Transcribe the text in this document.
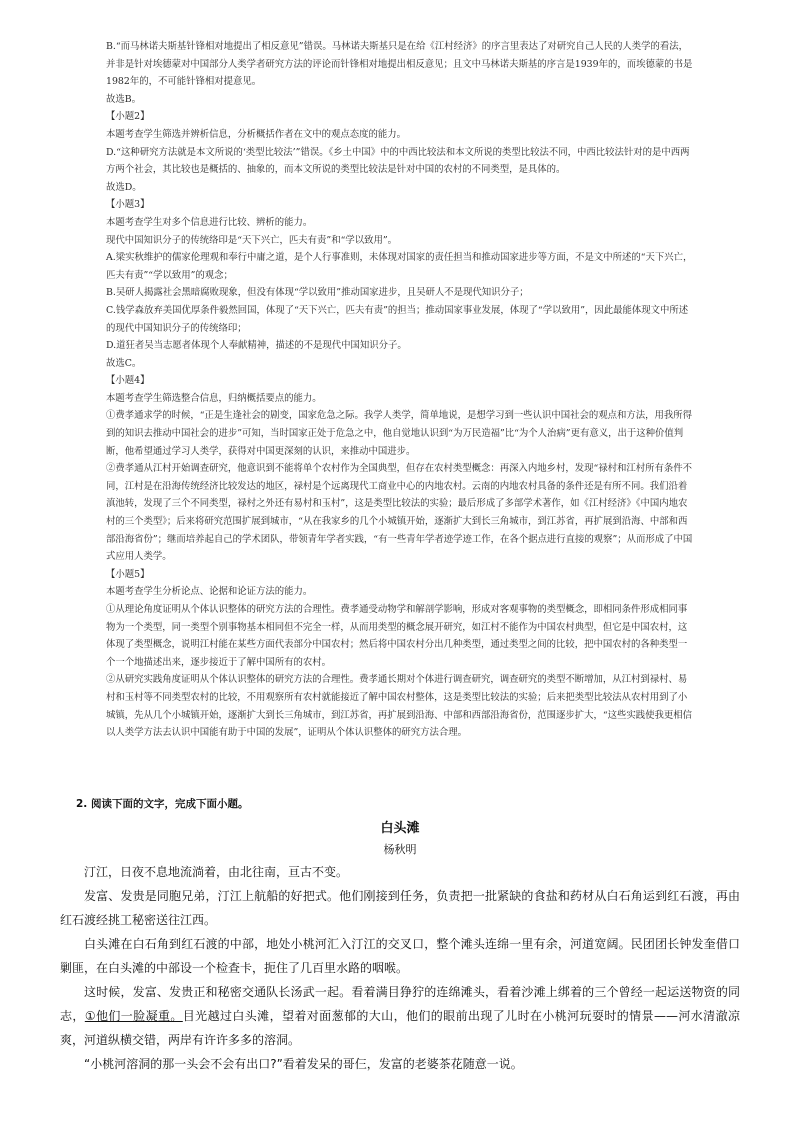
B.“而马林诺夫斯基针锋相对地提出了相反意见”错误。马林诺夫斯基只是在给《江村经济》的序言里表达了对研究自己人民的人类学的看法，并非是针对埃德蒙对中国部分人类学者研究方法的评论而针锋相对地提出相反意见；且文中马林诺夫斯基的序言是1939年的，而埃德蒙的书是1982年的，不可能针锋相对提意见。

故选B。

【小题2】

本题考查学生筛选并辨析信息，分析概括作者在文中的观点态度的能力。

D.“这种研究方法就是本文所说的‘类型比较法’”错误。《乡土中国》中的中西比较法和本文所说的类型比较法不同，中西比较法针对的是中西两方两个社会，其比较也是概括的、抽象的，而本文所说的类型比较法是针对中国的农村的不同类型，是具体的。

故选D。

【小题3】

本题考查学生对多个信息进行比较、辨析的能力。

现代中国知识分子的传统络印是“天下兴亡，匹夫有责”和“学以致用”。

A.梁实秋维护的儒家伦理观和奉行中庸之道，是个人行事准则，未体现对国家的责任担当和推动国家进步等方面，不是文中所述的“天下兴亡，匹夫有责”“学以致用”的观念；

B.吴研人揭露社会黑暗腐败现象，但没有体现“学以致用”推动国家进步，且吴研人不是现代知识分子；

C.钱学森放弃美国优厚条件毅然回国，体现了“天下兴亡，匹夫有责”的担当；推动国家事业发展，体现了“学以致用”，因此最能体现文中所述的现代中国知识分子的传统络印；

D.道狂者吴当志愿者体现个人奉献精神，描述的不是现代中国知识分子。

故选C。

【小题4】

本题考查学生筛选整合信息，归纳概括要点的能力。

①费孝通求学的时候，“正是生逢社会的剧变，国家危急之际。我学人类学，简单地说，是想学习到一些认识中国社会的观点和方法，用我所得到的知识去推动中国社会的进步”可知，当时国家正处于危急之中，他自觉地认识到“为万民造福”比“为个人治病”更有意义，出于这种价值判断，他希望通过学习人类学，获得对中国更深刻的认识，来推动中国进步。

②费孝通从江村开始调查研究，他意识到不能将单个农村作为全国典型，但存在农村类型概念：再深入内地乡村，发现“禄村和江村所有条件不同，江村是在沿海传统经济比较发达的地区，禄村是个远离现代工商业中心的内地农村。云南的内地农村具备的条件还是有所不同。我们沿着滇池转，发现了三个不同类型，禄村之外还有易村和玉村”，这是类型比较法的实验；最后形成了多部学术著作，如《江村经济》《中国内地农村的三个类型》；后来将研究范围扩展到城市，“从在我家乡的几个小城镇开始，逐渐扩大到长三角城市，到江苏省，再扩展到沿海、中部和西部沿海省份”；继而培养起自己的学术团队，带领青年学者实践，“有一些青年学者迹学迹工作，在各个据点进行直接的观察”；从而形成了中国式应用人类学。

【小题5】

本题考查学生分析论点、论据和论证方法的能力。

①从理论角度证明从个体认识整体的研究方法的合理性。费孝通受动物学和解剖学影响，形成对客观事物的类型概念，即相同条件形成相同事物为一个类型，同一类型个别事物基本相同但不完全一样，从而用类型的概念展开研究，如江村不能作为中国农村典型，但它是中国农村，这体现了类型概念，说明江村能在某些方面代表部分中国农村；然后将中国农村分出几种类型，通过类型之间的比较，把中国农村的各种类型一个一个地描述出来，逐步接近于了解中国所有的农村。

②从研究实践角度证明从个体认识整体的研究方法的合理性。费孝通长期对个体进行调查研究，调查研究的类型不断增加，从江村到禄村、易村和玉村等不同类型农村的比较，不用观察所有农村就能接近了解中国农村整体，这是类型比较法的实验；后来把类型比较法从农村用到了小城镇，先从几个小城镇开始，逐渐扩大到长三角城市，到江苏省，再扩展到沿海、中部和西部沿海省份，范围逐步扩大，“这些实践使我更相信以人类学方法去认识中国能有助于中国的发展”，证明从个体认识整体的研究方法合理。

2. 阅读下面的文字，完成下面小题。

白头滩

杨秋明

汀江，日夜不息地流淌着，由北往南，亘古不变。

发富、发贵是同胞兄弟，汀江上航船的好把式。他们刚接到任务，负责把一批紧缺的食盐和药材从白石角运到红石渡，再由红石渡经挑工秘密送往江西。

白头滩在白石角到红石渡的中部，地处小桃河汇入汀江的交叉口，整个滩头连绵一里有余，河道宽阔。民团团长钟发奎借口剿匪，在白头滩的中部设一个检查卡，扼住了几百里水路的咽喉。

这时候，发富、发贵正和秘密交通队长汤武一起。看着满目狰狞的连绵滩头，看着沙滩上绑着的三个曾经一起运送物资的同志，①他们一脸凝重。目光越过白头滩，望着对面葱郁的大山，他们的眼前出现了儿时在小桃河玩耍时的情景——河水清澈凉爽，河道纵横交错，两岸有许许多多的溶洞。

“小桃河溶洞的那一头会不会有出口?”看着发呆的哥仨，发富的老婆茶花随意一说。
